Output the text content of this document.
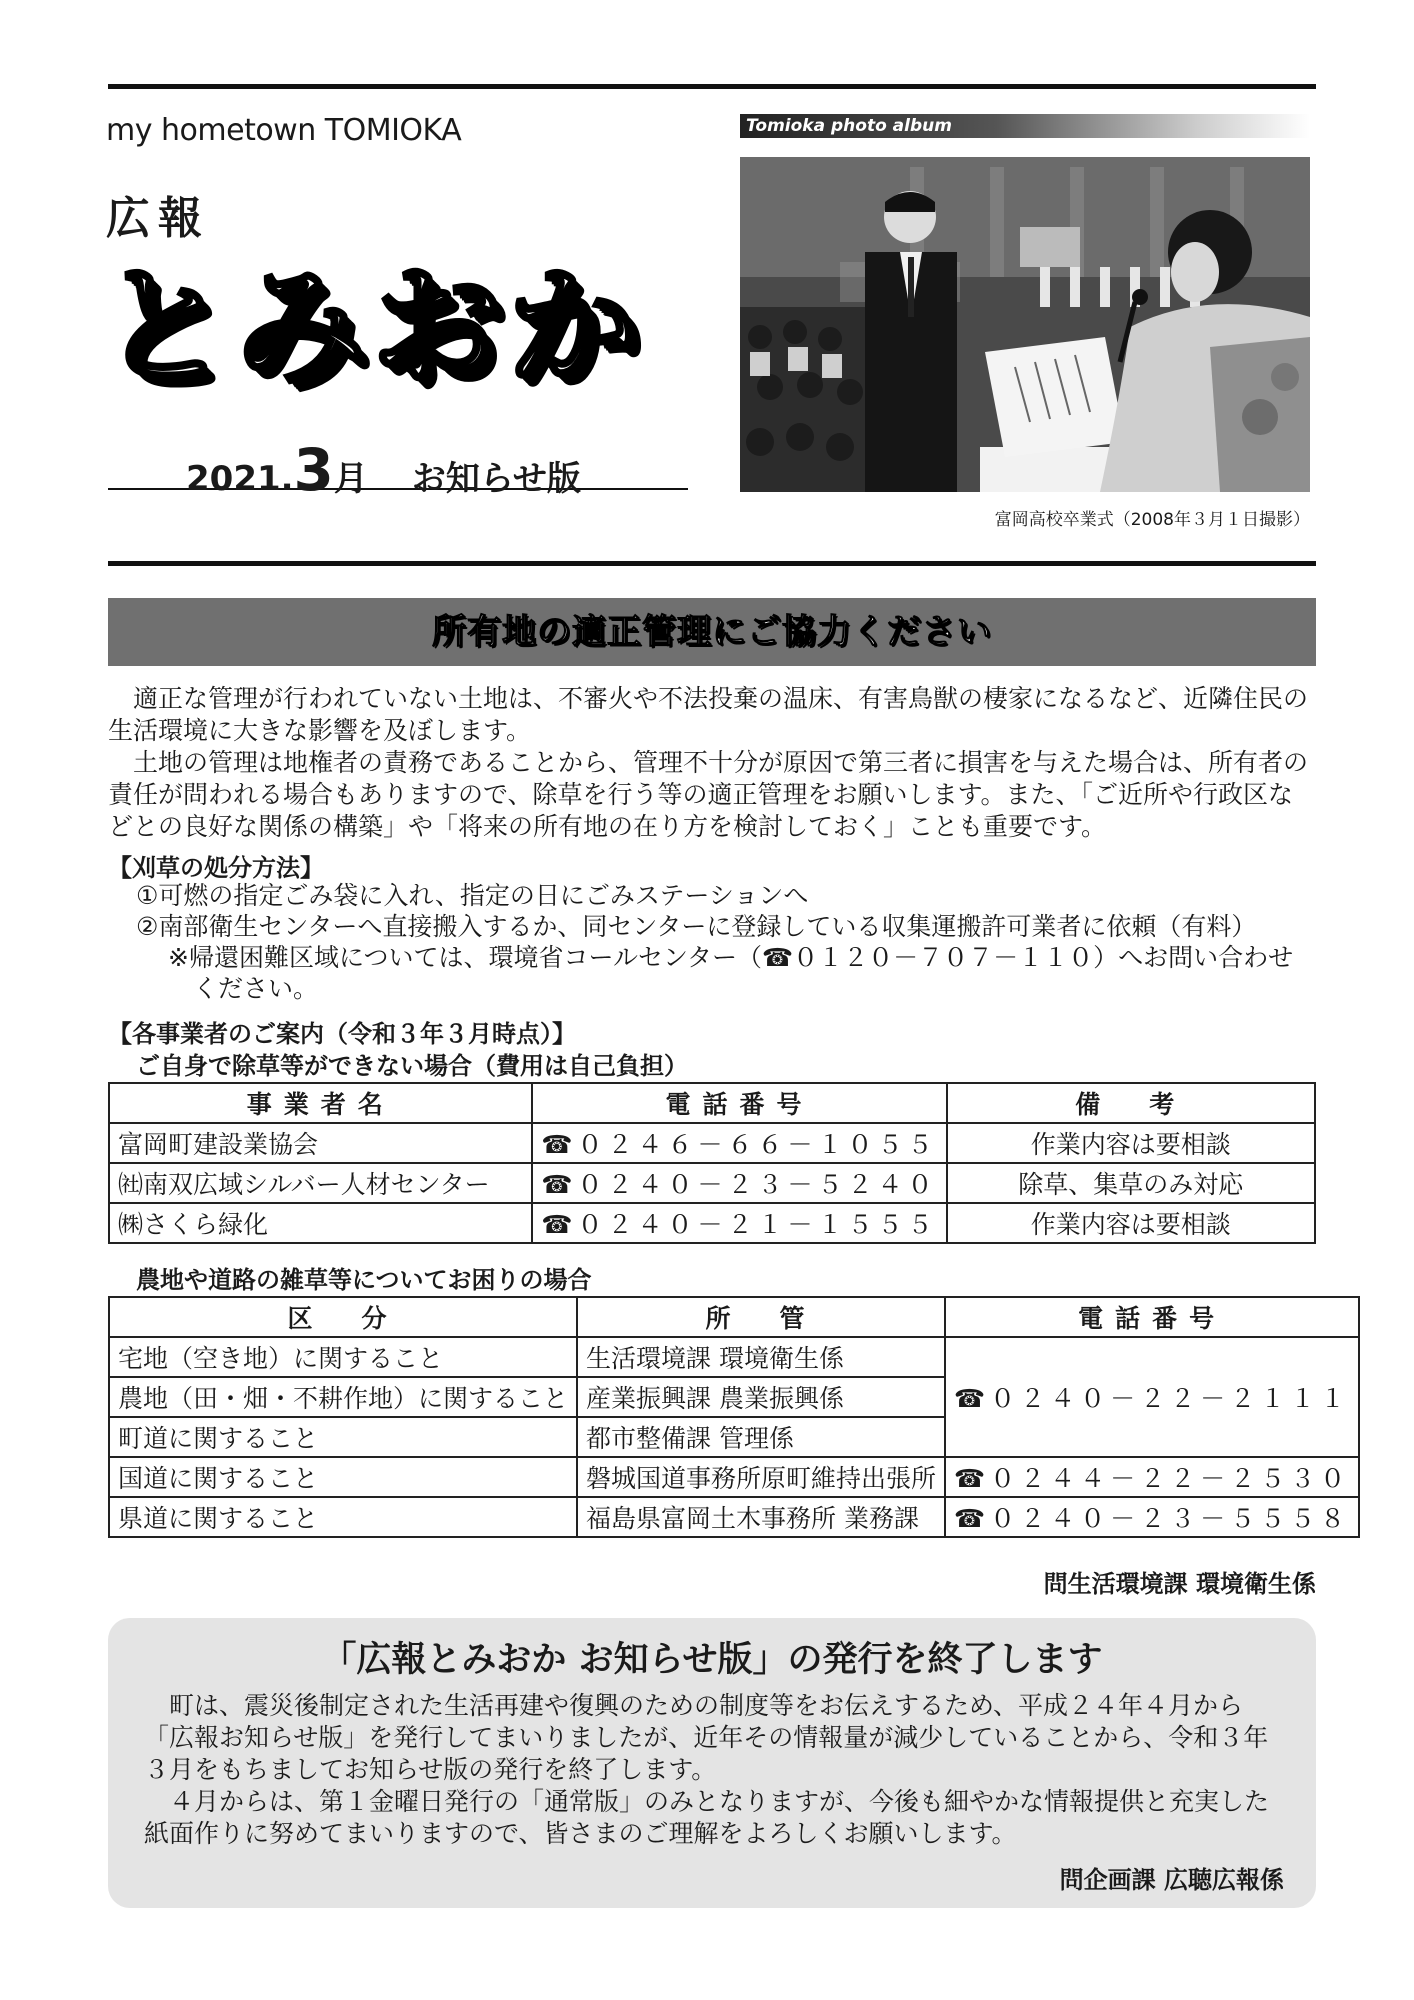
my hometown TOMIOKA
広報
とみおか
2021.3月 お知らせ版
Tomioka photo album
富岡高校卒業式（2008年３月１日撮影）
所有地の適正管理にご協力ください

適正な管理が行われていない土地は、不審火や不法投棄の温床、有害鳥獣の棲家になるなど、近隣住民の生活環境に大きな影響を及ぼします。

土地の管理は地権者の責務であることから、管理不十分が原因で第三者に損害を与えた場合は、所有者の責任が問われる場合もありますので、除草を行う等の適正管理をお願いします。また、「ご近所や行政区などとの良好な関係の構築」や「将来の所有地の在り方を検討しておく」ことも重要です。

【刈草の処分方法】
①可燃の指定ごみ袋に入れ、指定の日にごみステーションへ
②南部衛生センターへ直接搬入するか、同センターに登録している収集運搬許可業者に依頼（有料）
※帰還困難区域については、環境省コールセンター（☎０１２０－７０７－１１０）へお問い合わせください。
【各事業者のご案内（令和３年３月時点）】
ご自身で除草等ができない場合（費用は自己負担）
事業者名	電話番号	備　考
富岡町建設業協会	☎０２４６－６６－１０５５	作業内容は要相談
㈳南双広域シルバー人材センター	☎０２４０－２３－５２４０	除草、集草のみ対応
㈱さくら緑化	☎０２４０－２１－１５５５	作業内容は要相談
農地や道路の雑草等についてお困りの場合
区　分	所　管	電話番号
宅地（空き地）に関すること	生活環境課 環境衛生係	☎０２４０－２２－２１１１
農地（田・畑・不耕作地）に関すること	産業振興課 農業振興係	
町道に関すること	都市整備課 管理係	
国道に関すること	磐城国道事務所原町維持出張所	☎０２４４－２２－２５３０
県道に関すること	福島県富岡土木事務所 業務課	☎０２４０－２３－５５５８
問生活環境課 環境衛生係
「広報とみおか お知らせ版」の発行を終了します

町は、震災後制定された生活再建や復興のための制度等をお伝えするため、平成２４年４月から「広報お知らせ版」を発行してまいりましたが、近年その情報量が減少していることから、令和３年３月をもちましてお知らせ版の発行を終了します。

４月からは、第１金曜日発行の「通常版」のみとなりますが、今後も細やかな情報提供と充実した紙面作りに努めてまいりますので、皆さまのご理解をよろしくお願いします。

問企画課 広聴広報係
